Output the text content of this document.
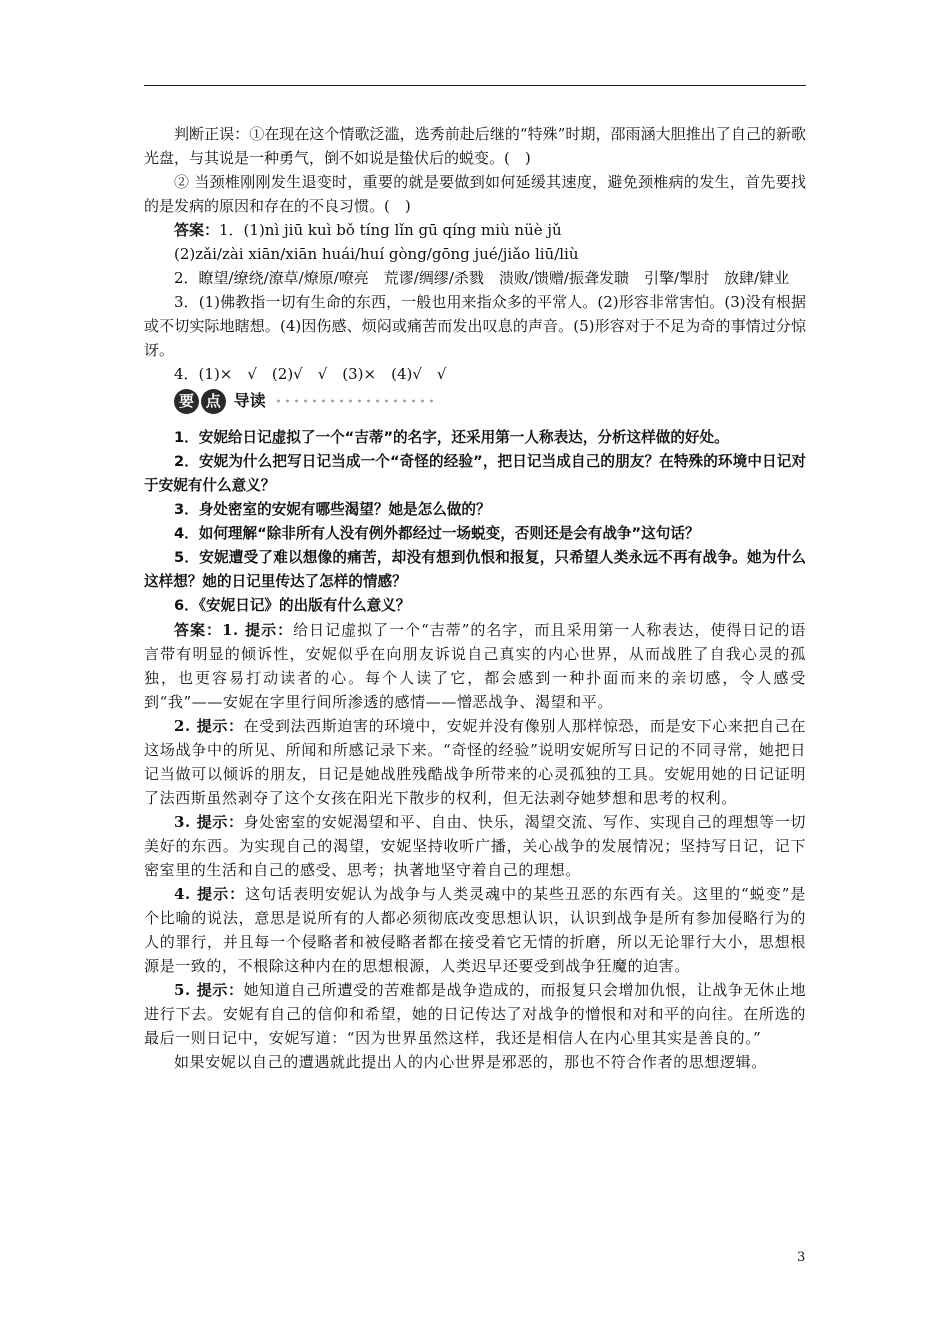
判断正误：①在现在这个情歌泛滥，选秀前赴后继的“特殊”时期，邵雨涵大胆推出了自己的新歌光盘，与其说是一种勇气，倒不如说是蛰伏后的蜕变。(　)

② 当颈椎刚刚发生退变时，重要的就是要做到如何延缓其速度，避免颈椎病的发生，首先要找的是发病的原因和存在的不良习惯。(　)

答案：1．(1)nì jiū kuì bǒ tíng lǐn gū qíng miù nüè jǔ

(2)zǎi/zài xiān/xiān huái/huí gòng/gōng jué/jiǎo liū/liù

2．瞭望/缭绕/潦草/燎原/嘹亮　荒谬/绸缪/杀戮　溃败/馈赠/振聋发聩　引擎/掣肘　放肆/肄业

3．(1)佛教指一切有生命的东西，一般也用来指众多的平常人。(2)形容非常害怕。(3)没有根据或不切实际地瞎想。(4)因伤感、烦闷或痛苦而发出叹息的声音。(5)形容对于不足为奇的事情过分惊讶。

4．(1)×　√　(2)√　√　(3)×　(4)√　√

要 点 导读

1．安妮给日记虚拟了一个“吉蒂”的名字，还采用第一人称表达，分析这样做的好处。

2．安妮为什么把写日记当成一个“奇怪的经验”，把日记当成自己的朋友？在特殊的环境中日记对于安妮有什么意义？

3．身处密室的安妮有哪些渴望？她是怎么做的？

4．如何理解“除非所有人没有例外都经过一场蜕变，否则还是会有战争”这句话？

5．安妮遭受了难以想像的痛苦，却没有想到仇恨和报复，只希望人类永远不再有战争。她为什么这样想？她的日记里传达了怎样的情感？

6．《安妮日记》的出版有什么意义？

答案：1. 提示：给日记虚拟了一个“吉蒂”的名字，而且采用第一人称表达，使得日记的语言带有明显的倾诉性，安妮似乎在向朋友诉说自己真实的内心世界，从而战胜了自我心灵的孤独，也更容易打动读者的心。每个人读了它，都会感到一种扑面而来的亲切感，令人感受到“我”——安妮在字里行间所渗透的感情——憎恶战争、渴望和平。

2. 提示：在受到法西斯迫害的环境中，安妮并没有像别人那样惊恐，而是安下心来把自己在这场战争中的所见、所闻和所感记录下来。“奇怪的经验”说明安妮所写日记的不同寻常，她把日记当做可以倾诉的朋友，日记是她战胜残酷战争所带来的心灵孤独的工具。安妮用她的日记证明了法西斯虽然剥夺了这个女孩在阳光下散步的权利，但无法剥夺她梦想和思考的权利。

3. 提示：身处密室的安妮渴望和平、自由、快乐，渴望交流、写作、实现自己的理想等一切美好的东西。为实现自己的渴望，安妮坚持收听广播，关心战争的发展情况；坚持写日记，记下密室里的生活和自己的感受、思考；执著地坚守着自己的理想。

4. 提示：这句话表明安妮认为战争与人类灵魂中的某些丑恶的东西有关。这里的“蜕变”是个比喻的说法，意思是说所有的人都必须彻底改变思想认识，认识到战争是所有参加侵略行为的人的罪行，并且每一个侵略者和被侵略者都在接受着它无情的折磨，所以无论罪行大小，思想根源是一致的，不根除这种内在的思想根源，人类迟早还要受到战争狂魔的迫害。

5. 提示：她知道自己所遭受的苦难都是战争造成的，而报复只会增加仇恨，让战争无休止地进行下去。安妮有自己的信仰和希望，她的日记传达了对战争的憎恨和对和平的向往。在所选的最后一则日记中，安妮写道：“因为世界虽然这样，我还是相信人在内心里其实是善良的。”

如果安妮以自己的遭遇就此提出人的内心世界是邪恶的，那也不符合作者的思想逻辑。

3
